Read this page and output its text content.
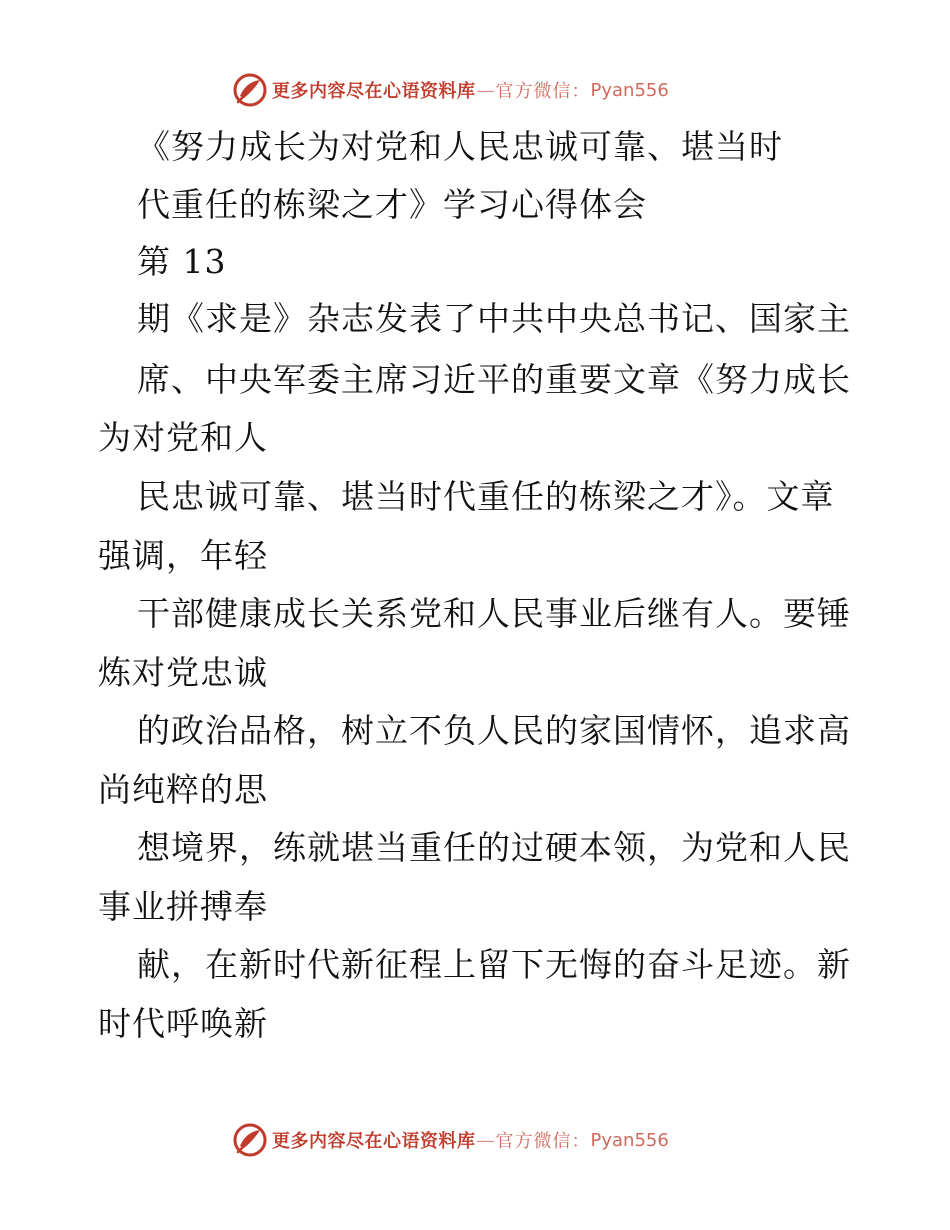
更多内容尽在心语资料库 — 官方微信： Pyan556
《努力成长为对党和人民忠诚可靠、堪当时
代重任的栋梁之才》学习心得体会
第 13
期《求是》杂志发表了中共中央总书记、国家主
席、中央军委主席习近平的重要文章《努力成长
为对党和人
民忠诚可靠、堪当时代重任的栋梁之才》。文章
强调，年轻
干部健康成长关系党和人民事业后继有人。要锤
炼对党忠诚
的政治品格，树立不负人民的家国情怀，追求高
尚纯粹的思
想境界，练就堪当重任的过硬本领，为党和人民
事业拼搏奉
献，在新时代新征程上留下无悔的奋斗足迹。新
时代呼唤新
更多内容尽在心语资料库 — 官方微信： Pyan556
